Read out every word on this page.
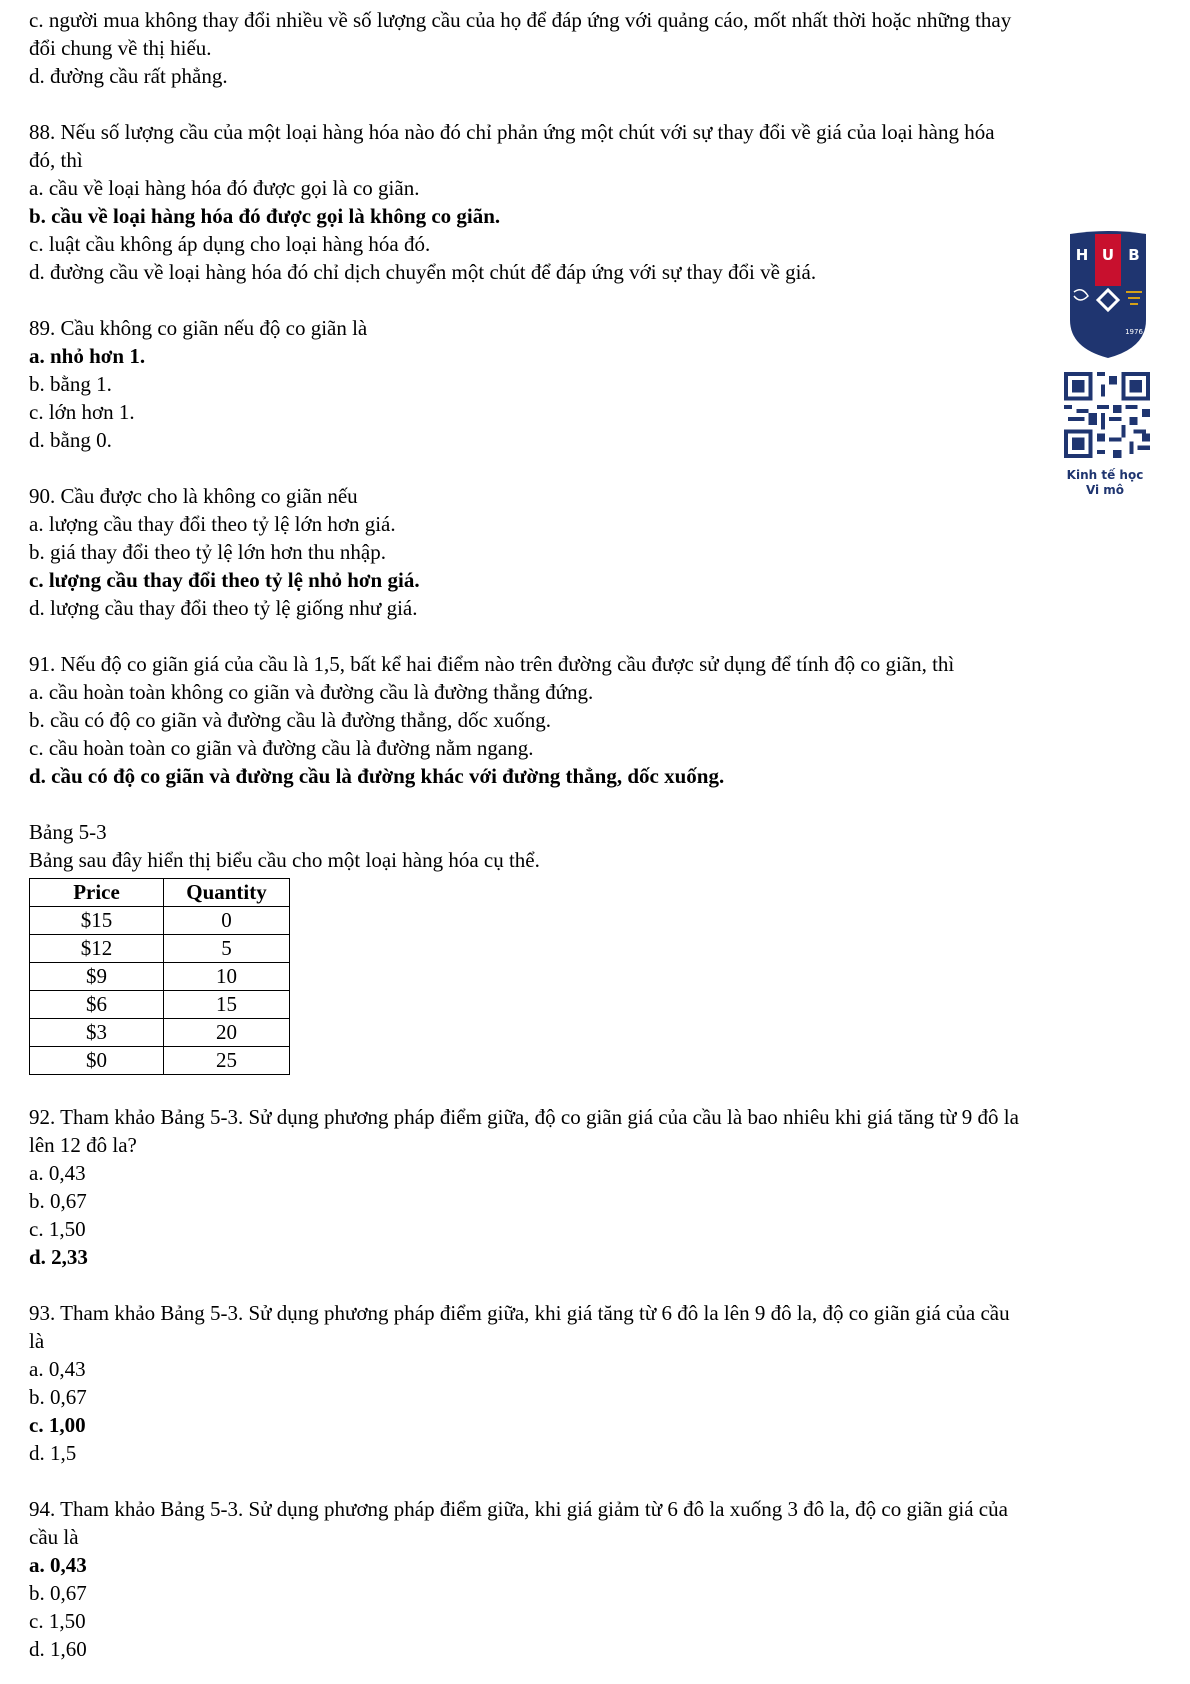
c. người mua không thay đổi nhiều về số lượng cầu của họ để đáp ứng với quảng cáo, mốt nhất thời hoặc những thay
đổi chung về thị hiếu.
d. đường cầu rất phẳng.
88. Nếu số lượng cầu của một loại hàng hóa nào đó chỉ phản ứng một chút với sự thay đổi về giá của loại hàng hóa
đó, thì
a. cầu về loại hàng hóa đó được gọi là co giãn.
b. cầu về loại hàng hóa đó được gọi là không co giãn.
c. luật cầu không áp dụng cho loại hàng hóa đó.
d. đường cầu về loại hàng hóa đó chỉ dịch chuyển một chút để đáp ứng với sự thay đổi về giá.
89. Cầu không co giãn nếu độ co giãn là
a. nhỏ hơn 1.
b. bằng 1.
c. lớn hơn 1.
d. bằng 0.
90. Cầu được cho là không co giãn nếu
a. lượng cầu thay đổi theo tỷ lệ lớn hơn giá.
b. giá thay đổi theo tỷ lệ lớn hơn thu nhập.
c. lượng cầu thay đổi theo tỷ lệ nhỏ hơn giá.
d. lượng cầu thay đổi theo tỷ lệ giống như giá.
91. Nếu độ co giãn giá của cầu là 1,5, bất kể hai điểm nào trên đường cầu được sử dụng để tính độ co giãn, thì
a. cầu hoàn toàn không co giãn và đường cầu là đường thẳng đứng.
b. cầu có độ co giãn và đường cầu là đường thẳng, dốc xuống.
c. cầu hoàn toàn co giãn và đường cầu là đường nằm ngang.
d. cầu có độ co giãn và đường cầu là đường khác với đường thẳng, dốc xuống.
Bảng 5-3
Bảng sau đây hiển thị biểu cầu cho một loại hàng hóa cụ thể.
Price	Quantity
$15	0
$12	5
$9	10
$6	15
$3	20
$0	25
92. Tham khảo Bảng 5-3. Sử dụng phương pháp điểm giữa, độ co giãn giá của cầu là bao nhiêu khi giá tăng từ 9 đô la
lên 12 đô la?
a. 0,43
b. 0,67
c. 1,50
d. 2,33
93. Tham khảo Bảng 5-3. Sử dụng phương pháp điểm giữa, khi giá tăng từ 6 đô la lên 9 đô la, độ co giãn giá của cầu
là
a. 0,43
b. 0,67
c. 1,00
d. 1,5
94. Tham khảo Bảng 5-3. Sử dụng phương pháp điểm giữa, khi giá giảm từ 6 đô la xuống 3 đô la, độ co giãn giá của
cầu là
a. 0,43
b. 0,67
c. 1,50
d. 1,60
H U B
1976
Kinh tế học
Vi mô
